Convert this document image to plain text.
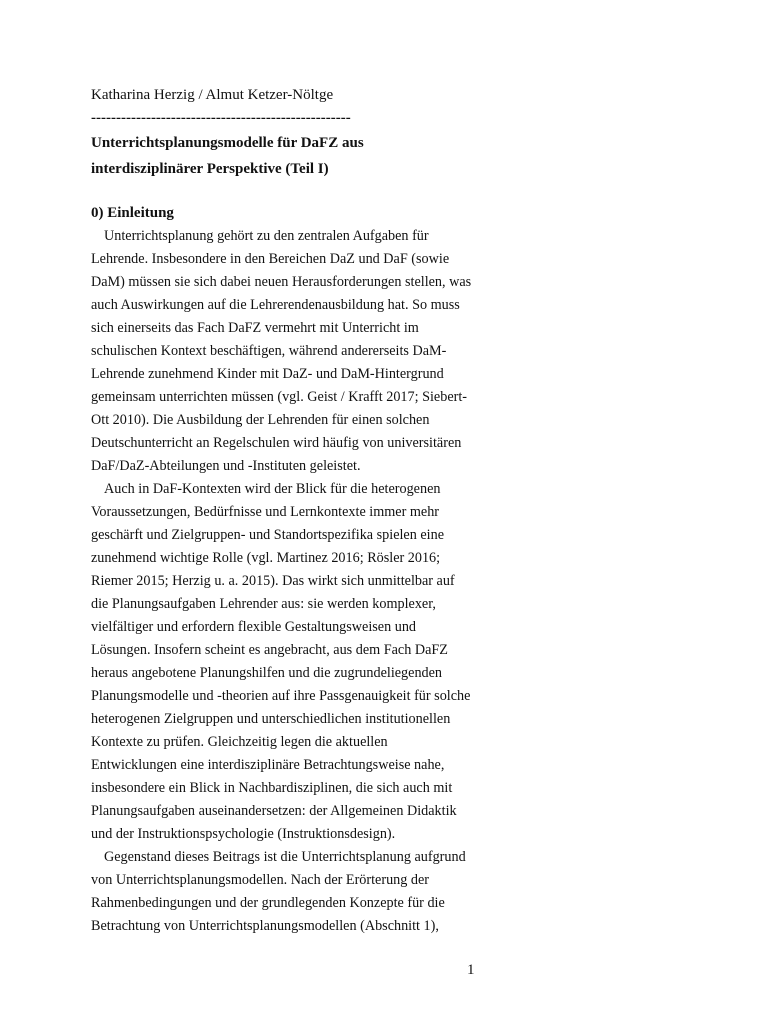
Katharina Herzig / Almut Ketzer-Nöltge
----------------------------------------------------
Unterrichtsplanungsmodelle für DaFZ aus
interdisziplinärer Perspektive (Teil I)
0) Einleitung
Unterrichtsplanung gehört zu den zentralen Aufgaben für
Lehrende. Insbesondere in den Bereichen DaZ und DaF (sowie
DaM) müssen sie sich dabei neuen Herausforderungen stellen, was
auch Auswirkungen auf die Lehrerendenausbildung hat. So muss
sich einerseits das Fach DaFZ vermehrt mit Unterricht im
schulischen Kontext beschäftigen, während andererseits DaM-
Lehrende zunehmend Kinder mit DaZ- und DaM-Hintergrund
gemeinsam unterrichten müssen (vgl. Geist / Krafft 2017; Siebert-
Ott 2010). Die Ausbildung der Lehrenden für einen solchen
Deutschunterricht an Regelschulen wird häufig von universitären
DaF/DaZ-Abteilungen und -Instituten geleistet.
Auch in DaF-Kontexten wird der Blick für die heterogenen
Voraussetzungen, Bedürfnisse und Lernkontexte immer mehr
geschärft und Zielgruppen- und Standortspezifika spielen eine
zunehmend wichtige Rolle (vgl. Martinez 2016; Rösler 2016;
Riemer 2015; Herzig u. a. 2015). Das wirkt sich unmittelbar auf
die Planungsaufgaben Lehrender aus: sie werden komplexer,
vielfältiger und erfordern flexible Gestaltungsweisen und
Lösungen. Insofern scheint es angebracht, aus dem Fach DaFZ
heraus angebotene Planungshilfen und die zugrundeliegenden
Planungsmodelle und -theorien auf ihre Passgenauigkeit für solche
heterogenen Zielgruppen und unterschiedlichen institutionellen
Kontexte zu prüfen. Gleichzeitig legen die aktuellen
Entwicklungen eine interdisziplinäre Betrachtungsweise nahe,
insbesondere ein Blick in Nachbardisziplinen, die sich auch mit
Planungsaufgaben auseinandersetzen: der Allgemeinen Didaktik
und der Instruktionspsychologie (Instruktionsdesign).
Gegenstand dieses Beitrags ist die Unterrichtsplanung aufgrund
von Unterrichtsplanungsmodellen. Nach der Erörterung der
Rahmenbedingungen und der grundlegenden Konzepte für die
Betrachtung von Unterrichtsplanungsmodellen (Abschnitt 1),
1
